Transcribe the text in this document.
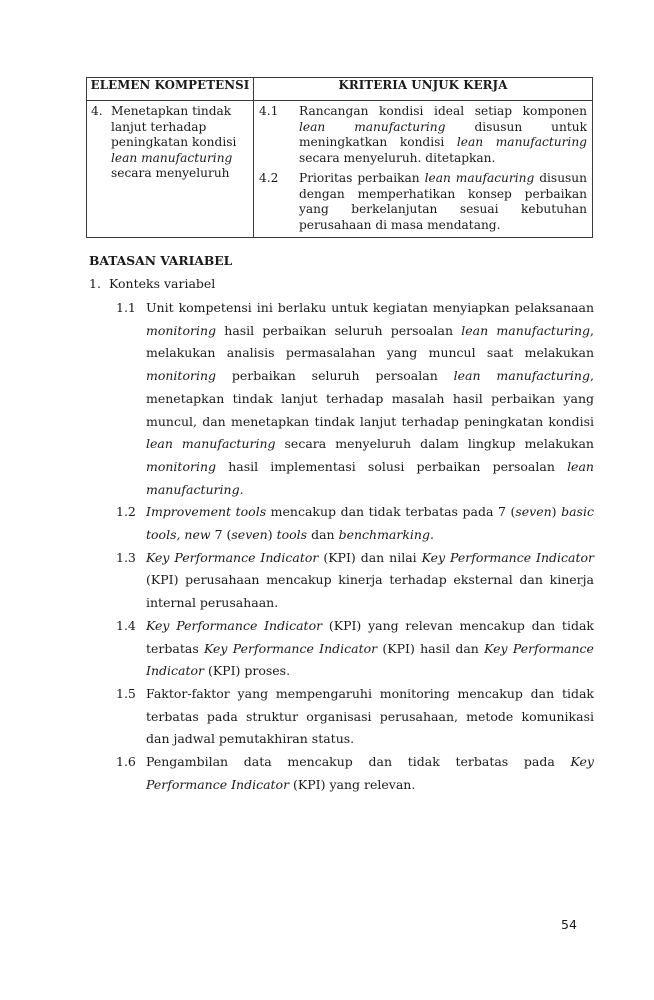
ELEMEN KOMPETENSI	KRITERIA UNJUK KERJA

4. Menetapkan tindak lanjut terhadap peningkatan kondisi lean manufacturing secara menyeluruh

4.1	Rancangan kondisi ideal setiap komponen lean manufacturing disusun untuk meningkatkan kondisi lean manufacturing secara menyeluruh. ditetapkan.
4.2	Prioritas perbaikan lean maufacuring disusun dengan memperhatikan konsep perbaikan yang berkelanjutan sesuai kebutuhan perusahaan di masa mendatang.
BATASAN VARIABEL
1. Konteks variabel
1.1 Unit kompetensi ini berlaku untuk kegiatan menyiapkan pelaksanaan monitoring hasil perbaikan seluruh persoalan lean manufacturing, melakukan analisis permasalahan yang muncul saat melakukan monitoring perbaikan seluruh persoalan lean manufacturing, menetapkan tindak lanjut terhadap masalah hasil perbaikan yang muncul, dan menetapkan tindak lanjut terhadap peningkatan kondisi lean manufacturing secara menyeluruh dalam lingkup melakukan monitoring hasil implementasi solusi perbaikan persoalan lean manufacturing.
1.2 Improvement tools mencakup dan tidak terbatas pada 7 (seven) basic tools, new 7 (seven) tools dan benchmarking.
1.3 Key Performance Indicator (KPI) dan nilai Key Performance Indicator (KPI) perusahaan mencakup kinerja terhadap eksternal dan kinerja internal perusahaan.
1.4 Key Performance Indicator (KPI) yang relevan mencakup dan tidak terbatas Key Performance Indicator (KPI) hasil dan Key Performance Indicator (KPI) proses.
1.5 Faktor-faktor yang mempengaruhi monitoring mencakup dan tidak terbatas pada struktur organisasi perusahaan, metode komunikasi dan jadwal pemutakhiran status.
1.6 Pengambilan data mencakup dan tidak terbatas pada Key Performance Indicator (KPI) yang relevan.
54
